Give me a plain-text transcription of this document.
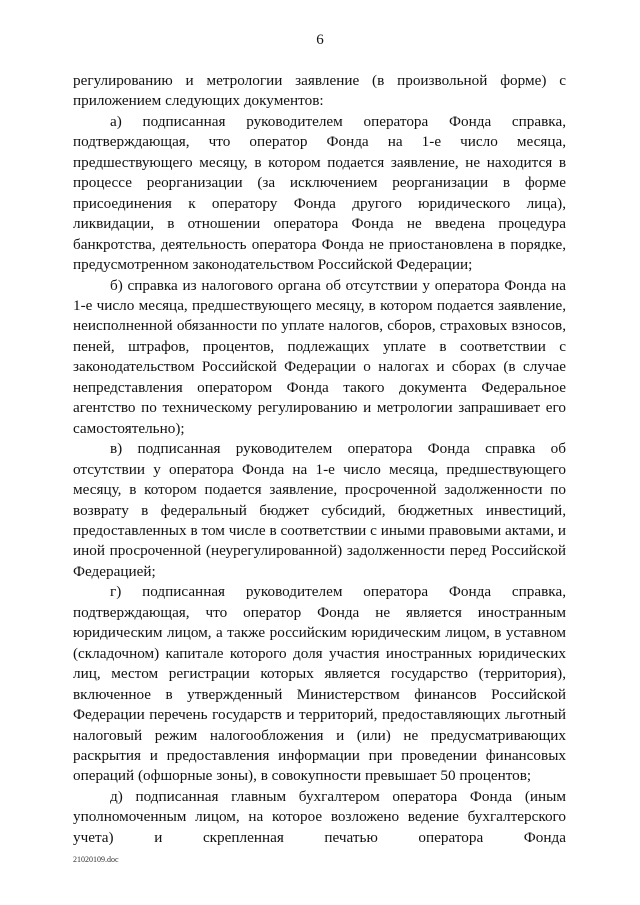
6

регулированию и метрологии заявление (в произвольной форме) с приложением следующих документов:

а) подписанная руководителем оператора Фонда справка, подтверждающая, что оператор Фонда на 1-е число месяца, предшествующего месяцу, в котором подается заявление, не находится в процессе реорганизации (за исключением реорганизации в форме присоединения к оператору Фонда другого юридического лица), ликвидации, в отношении оператора Фонда не введена процедура банкротства, деятельность оператора Фонда не приостановлена в порядке, предусмотренном законодательством Российской Федерации;

б) справка из налогового органа об отсутствии у оператора Фонда на 1-е число месяца, предшествующего месяцу, в котором подается заявление, неисполненной обязанности по уплате налогов, сборов, страховых взносов, пеней, штрафов, процентов, подлежащих уплате в соответствии с законодательством Российской Федерации о налогах и сборах (в случае непредставления оператором Фонда такого документа Федеральное агентство по техническому регулированию и метрологии запрашивает его самостоятельно);

в) подписанная руководителем оператора Фонда справка об отсутствии у оператора Фонда на 1-е число месяца, предшествующего месяцу, в котором подается заявление, просроченной задолженности по возврату в федеральный бюджет субсидий, бюджетных инвестиций, предоставленных в том числе в соответствии с иными правовыми актами, и иной просроченной (неурегулированной) задолженности перед Российской Федерацией;

г) подписанная руководителем оператора Фонда справка, подтверждающая, что оператор Фонда не является иностранным юридическим лицом, а также российским юридическим лицом, в уставном (складочном) капитале которого доля участия иностранных юридических лиц, местом регистрации которых является государство (территория), включенное в утвержденный Министерством финансов Российской Федерации перечень государств и территорий, предоставляющих льготный налоговый режим налогообложения и (или) не предусматривающих раскрытия и предоставления информации при проведении финансовых операций (офшорные зоны), в совокупности превышает 50 процентов;

д) подписанная главным бухгалтером оператора Фонда (иным уполномоченным лицом, на которое возложено ведение бухгалтерского учета) и скрепленная печатью оператора Фонда

21020109.doc
